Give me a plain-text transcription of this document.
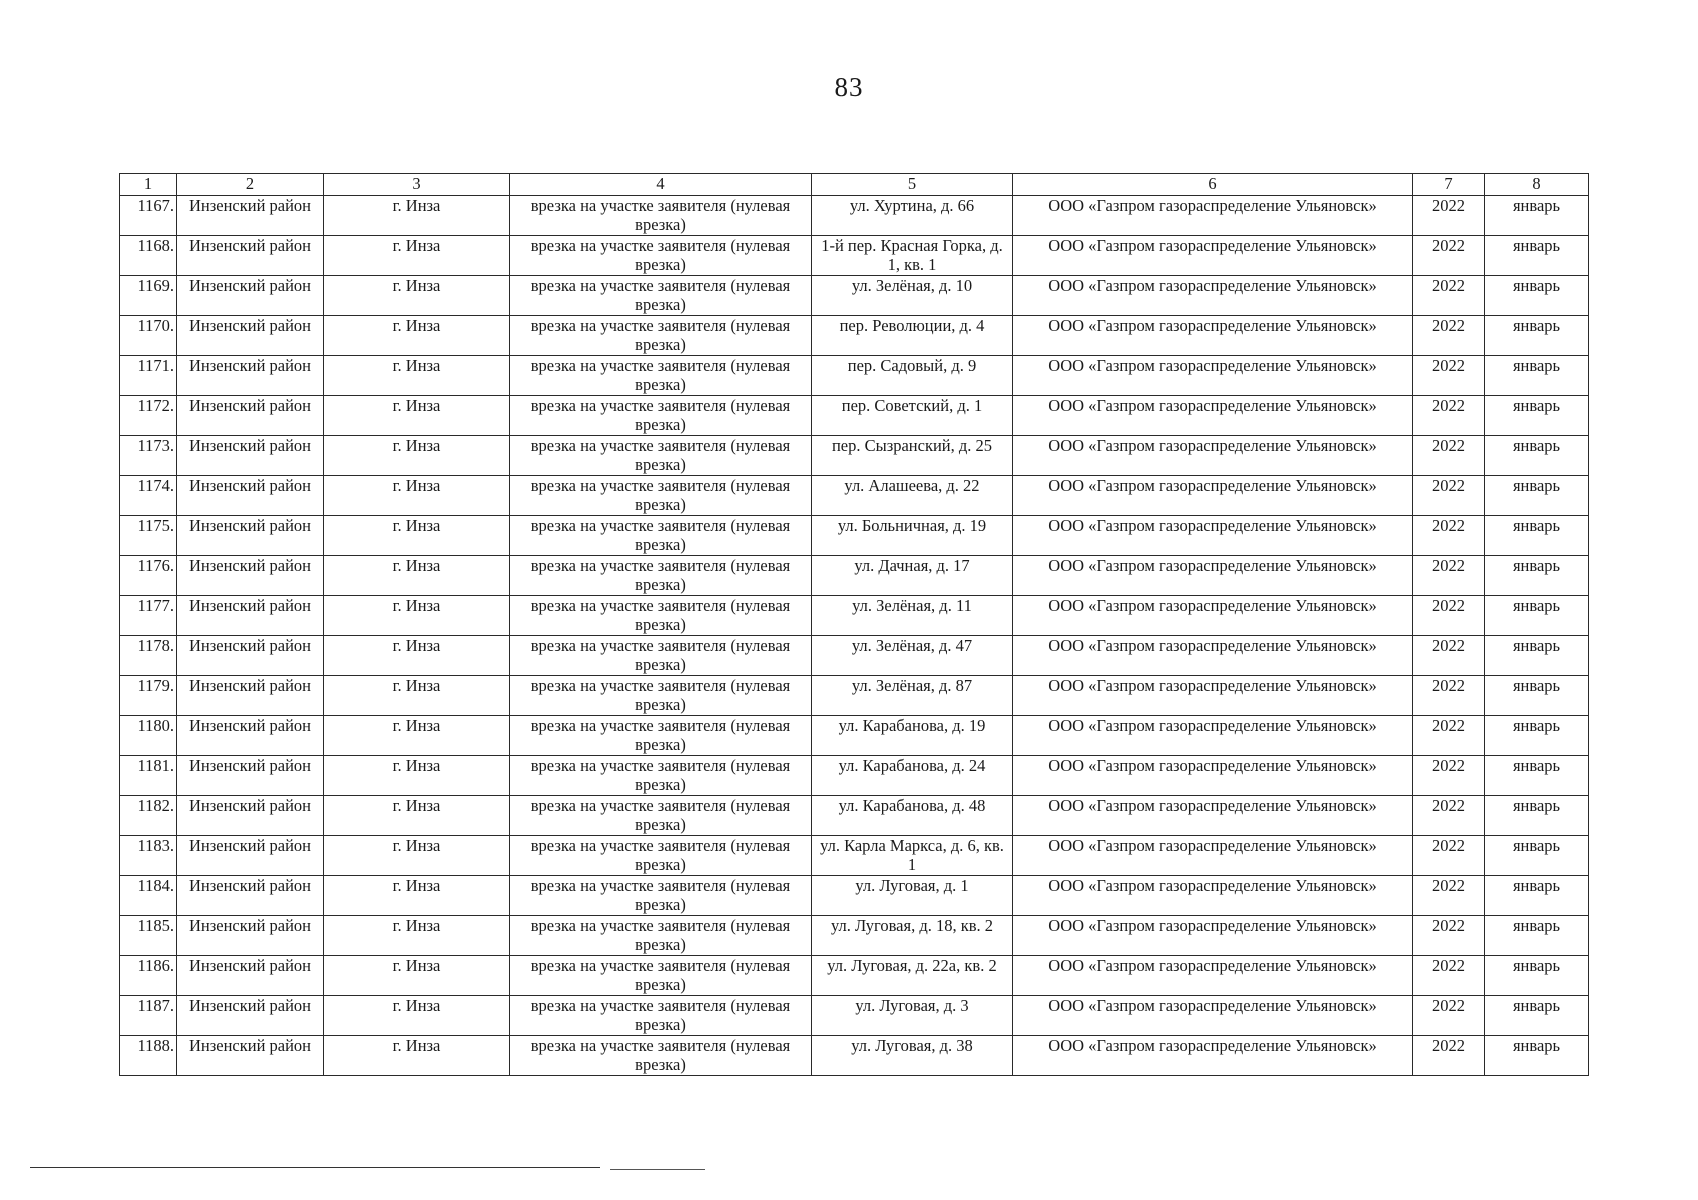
83
1	2	3	4	5	6	7	8
1167.	Инзенский район	г. Инза	врезка на участке заявителя (нулевая врезка)	ул. Хуртина, д. 66	ООО «Газпром газораспределение Ульяновск»	2022	январь
1168.	Инзенский район	г. Инза	врезка на участке заявителя (нулевая врезка)	1-й пер. Красная Горка, д. 1, кв. 1	ООО «Газпром газораспределение Ульяновск»	2022	январь
1169.	Инзенский район	г. Инза	врезка на участке заявителя (нулевая врезка)	ул. Зелёная, д. 10	ООО «Газпром газораспределение Ульяновск»	2022	январь
1170.	Инзенский район	г. Инза	врезка на участке заявителя (нулевая врезка)	пер. Революции, д. 4	ООО «Газпром газораспределение Ульяновск»	2022	январь
1171.	Инзенский район	г. Инза	врезка на участке заявителя (нулевая врезка)	пер. Садовый, д. 9	ООО «Газпром газораспределение Ульяновск»	2022	январь
1172.	Инзенский район	г. Инза	врезка на участке заявителя (нулевая врезка)	пер. Советский, д. 1	ООО «Газпром газораспределение Ульяновск»	2022	январь
1173.	Инзенский район	г. Инза	врезка на участке заявителя (нулевая врезка)	пер. Сызранский, д. 25	ООО «Газпром газораспределение Ульяновск»	2022	январь
1174.	Инзенский район	г. Инза	врезка на участке заявителя (нулевая врезка)	ул. Алашеева, д. 22	ООО «Газпром газораспределение Ульяновск»	2022	январь
1175.	Инзенский район	г. Инза	врезка на участке заявителя (нулевая врезка)	ул. Больничная, д. 19	ООО «Газпром газораспределение Ульяновск»	2022	январь
1176.	Инзенский район	г. Инза	врезка на участке заявителя (нулевая врезка)	ул. Дачная, д. 17	ООО «Газпром газораспределение Ульяновск»	2022	январь
1177.	Инзенский район	г. Инза	врезка на участке заявителя (нулевая врезка)	ул. Зелёная, д. 11	ООО «Газпром газораспределение Ульяновск»	2022	январь
1178.	Инзенский район	г. Инза	врезка на участке заявителя (нулевая врезка)	ул. Зелёная, д. 47	ООО «Газпром газораспределение Ульяновск»	2022	январь
1179.	Инзенский район	г. Инза	врезка на участке заявителя (нулевая врезка)	ул. Зелёная, д. 87	ООО «Газпром газораспределение Ульяновск»	2022	январь
1180.	Инзенский район	г. Инза	врезка на участке заявителя (нулевая врезка)	ул. Карабанова, д. 19	ООО «Газпром газораспределение Ульяновск»	2022	январь
1181.	Инзенский район	г. Инза	врезка на участке заявителя (нулевая врезка)	ул. Карабанова, д. 24	ООО «Газпром газораспределение Ульяновск»	2022	январь
1182.	Инзенский район	г. Инза	врезка на участке заявителя (нулевая врезка)	ул. Карабанова, д. 48	ООО «Газпром газораспределение Ульяновск»	2022	январь
1183.	Инзенский район	г. Инза	врезка на участке заявителя (нулевая врезка)	ул. Карла Маркса, д. 6, кв. 1	ООО «Газпром газораспределение Ульяновск»	2022	январь
1184.	Инзенский район	г. Инза	врезка на участке заявителя (нулевая врезка)	ул. Луговая, д. 1	ООО «Газпром газораспределение Ульяновск»	2022	январь
1185.	Инзенский район	г. Инза	врезка на участке заявителя (нулевая врезка)	ул. Луговая, д. 18, кв. 2	ООО «Газпром газораспределение Ульяновск»	2022	январь
1186.	Инзенский район	г. Инза	врезка на участке заявителя (нулевая врезка)	ул. Луговая, д. 22а, кв. 2	ООО «Газпром газораспределение Ульяновск»	2022	январь
1187.	Инзенский район	г. Инза	врезка на участке заявителя (нулевая врезка)	ул. Луговая, д. 3	ООО «Газпром газораспределение Ульяновск»	2022	январь
1188.	Инзенский район	г. Инза	врезка на участке заявителя (нулевая врезка)	ул. Луговая, д. 38	ООО «Газпром газораспределение Ульяновск»	2022	январь
